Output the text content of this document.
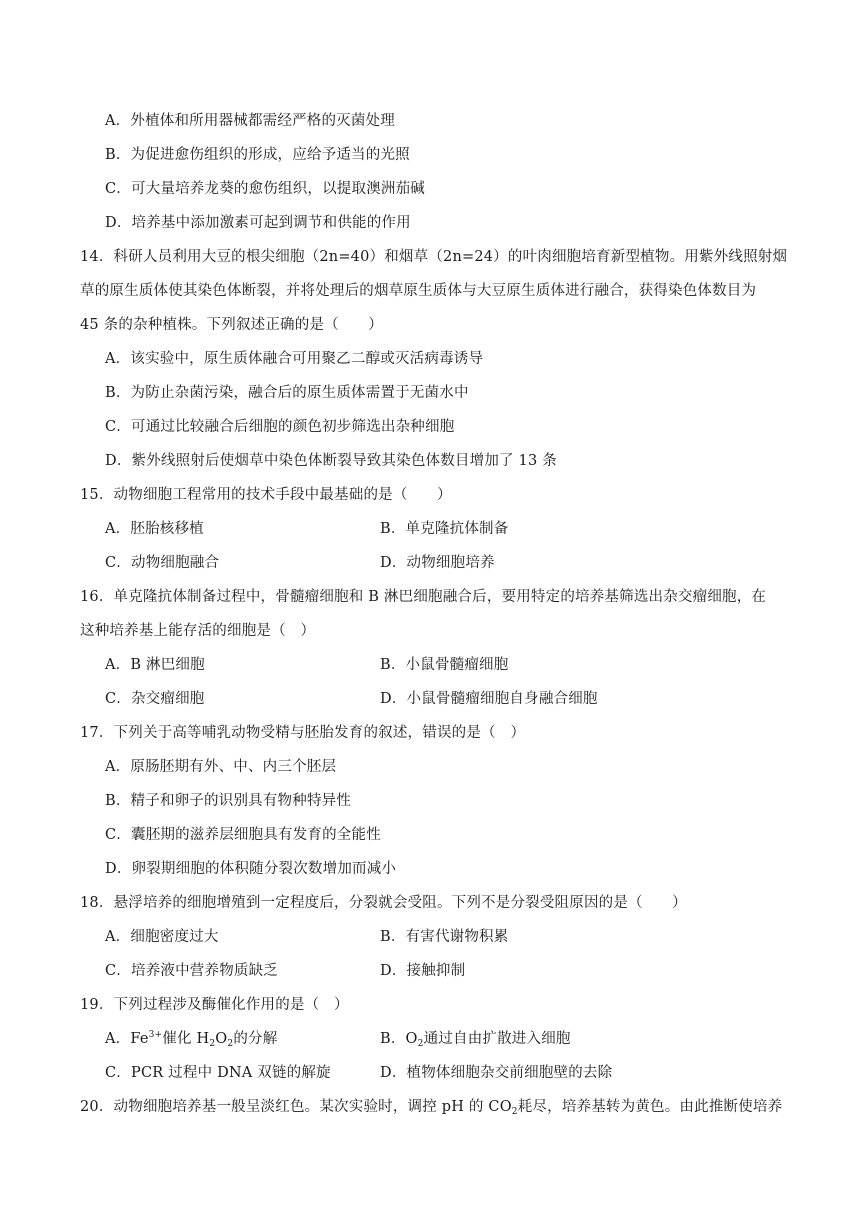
A．外植体和所用器械都需经严格的灭菌处理
B．为促进愈伤组织的形成，应给予适当的光照
C．可大量培养龙葵的愈伤组织，以提取澳洲茄碱
D．培养基中添加激素可起到调节和供能的作用
14．科研人员利用大豆的根尖细胞（2n=40）和烟草（2n=24）的叶肉细胞培育新型植物。用紫外线照射烟
草的原生质体使其染色体断裂，并将处理后的烟草原生质体与大豆原生质体进行融合，获得染色体数目为
45 条的杂种植株。下列叙述正确的是（　　）
A．该实验中，原生质体融合可用聚乙二醇或灭活病毒诱导
B．为防止杂菌污染，融合后的原生质体需置于无菌水中
C．可通过比较融合后细胞的颜色初步筛选出杂种细胞
D．紫外线照射后使烟草中染色体断裂导致其染色体数目增加了 13 条
15．动物细胞工程常用的技术手段中最基础的是（　　）
A．胚胎核移植	B．单克隆抗体制备
C．动物细胞融合	D．动物细胞培养
16．单克隆抗体制备过程中，骨髓瘤细胞和 B 淋巴细胞融合后，要用特定的培养基筛选出杂交瘤细胞，在
这种培养基上能存活的细胞是（　）
A．B 淋巴细胞	B．小鼠骨髓瘤细胞
C．杂交瘤细胞	D．小鼠骨髓瘤细胞自身融合细胞
17．下列关于高等哺乳动物受精与胚胎发育的叙述，错误的是（　）
A．原肠胚期有外、中、内三个胚层
B．精子和卵子的识别具有物种特异性
C．囊胚期的滋养层细胞具有发育的全能性
D．卵裂期细胞的体积随分裂次数增加而减小
18．悬浮培养的细胞增殖到一定程度后，分裂就会受阻。下列不是分裂受阻原因的是（　　）
A．细胞密度过大	B．有害代谢物积累
C．培养液中营养物质缺乏	D．接触抑制
19．下列过程涉及酶催化作用的是（　）
A．$Fe^{3+}$催化 $H_2O_2$的分解	B．$O_2$通过自由扩散进入细胞
C．PCR 过程中 DNA 双链的解旋	D．植物体细胞杂交前细胞壁的去除
20．动物细胞培养基一般呈淡红色。某次实验时，调控 pH 的 $CO_2$耗尽，培养基转为黄色。由此推断使培养
